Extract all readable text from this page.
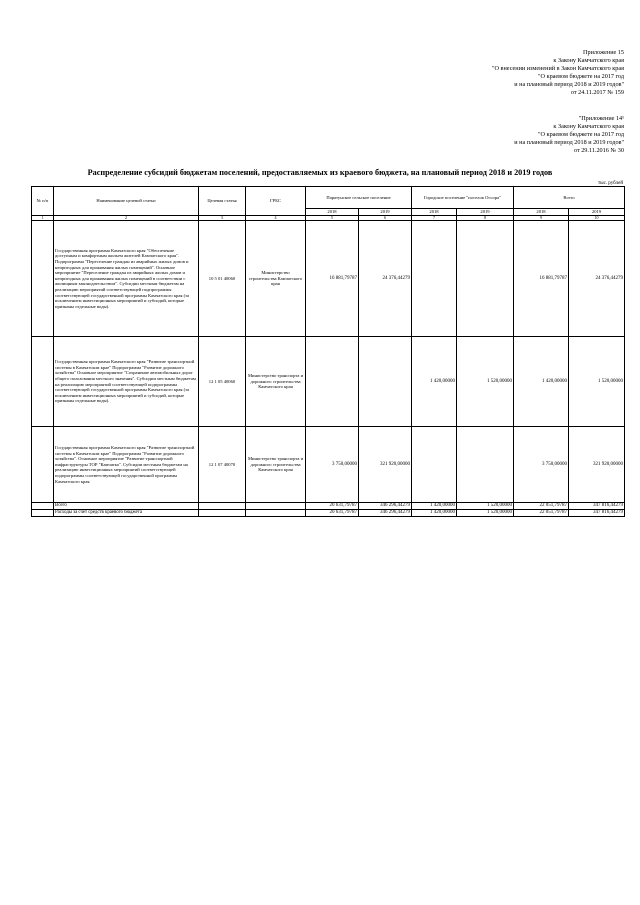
Приложение 15
к Закону Камчатского края
"О внесении изменений в Закон Камчатского края
"О краевом бюджете на 2017 год
и на плановый период 2018 и 2019 годов"
от 24.11.2017 № 159
"Приложение 14¹
к Закону Камчатского края
"О краевом бюджете на 2017 год
и на плановый период 2018 и 2019 годов"
от 29.11.2016 № 30
Распределение субсидий бюджетам поселений, предоставляемых из краевого бюджета, на плановый период 2018 и 2019 годов
тыс. рублей
№ п/п	Наименование целевой статьи	Целевая статья	ГРБС	Паратунское сельское поселение		Городское поселение "поселок Оссора"		Всего	
				2018	2019	2018	2019	2018	2019
1	2	3	4	5	6	7	8	9	10
	Государственная программа Камчатского края "Обеспечение доступным и комфортным жильем жителей Камчатского края". Подпрограмма "Переселение граждан из аварийных жилых домов и непригодных для проживания жилых помещений". Основное мероприятие "Переселение граждан из аварийных жилых домов и непригодных для проживания жилых помещений в соответствии с жилищным законодательством". Субсидии местным бюджетам на реализацию мероприятий соответствующей подпрограммы соответствующей государственной программы Камчатского края (за исключением инвестиционных мероприятий и субсидий, которые признаны отдельные воды).	10 5 01 40060	Министерство строительства Камчатского края	16 881,79787	24 376,44279			16 881,79787	24 376,44279
	Государственная программа Камчатского края "Развитие транспортной системы в Камчатском крае" Подпрограмма "Развитие дорожного хозяйства" Основное мероприятие "Сохранение автомобильных дорог общего пользования местного значения". Субсидии местным бюджетам на реализацию мероприятий соответствующей подпрограммы соответствующей государственной программы Камчатского края (за исключением инвестиционных мероприятий и субсидий, которые признаны отдельные воды).	12 1 05 40060	Министерство транспорта и дорожного строительства Камчатского края			1 420,00000	1 520,00000	1 420,00000	1 520,00000
	Государственная программа Камчатского края "Развитие транспортной системы в Камчатском крае" Подпрограмма "Развитие дорожного хозяйства". Основное мероприятие "Развитие транспортной инфраструктуры ТОР "Камчатка". Субсидии местным бюджетам на реализацию инвестиционных мероприятий соответствующей подпрограммы соответствующей государственной программы Камчатского края	12 1 07 40070	Министерство транспорта и дорожного строительства Камчатского края	3 750,00000	321 920,00000			3 750,00000	321 920,00000
	Всего			20 631,79787	346 296,44279	1 420,00000	1 520,00000	22 051,79787	347 816,44279
	Расходы за счет средств краевого бюджета			20 631,79787	346 296,44279	1 420,00000	1 520,00000	22 051,79787	347 816,44279
